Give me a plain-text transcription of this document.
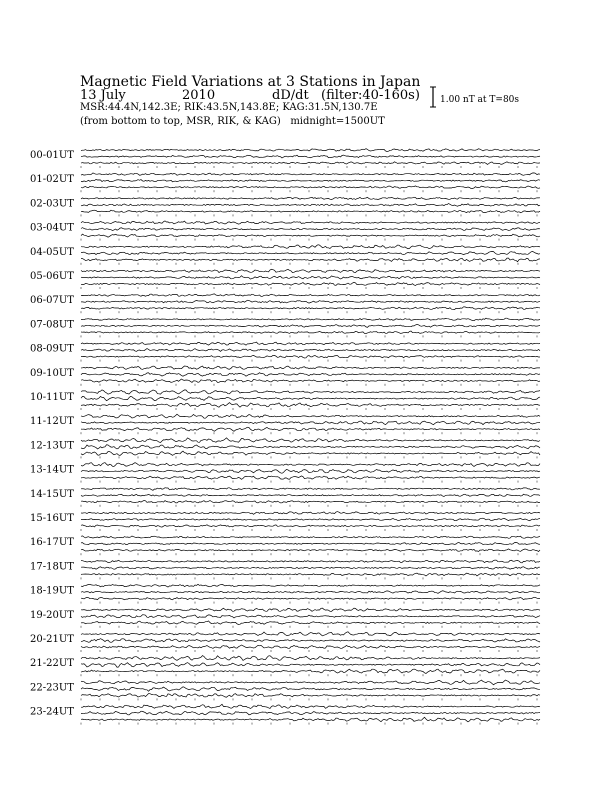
00-01UT
01-02UT
02-03UT
03-04UT
04-05UT
05-06UT
06-07UT
07-08UT
08-09UT
09-10UT
10-11UT
11-12UT
12-13UT
13-14UT
14-15UT
15-16UT
16-17UT
17-18UT
18-19UT
19-20UT
20-21UT
21-22UT
22-23UT
23-24UT
Magnetic Field Variations at 3 Stations in Japan
13 July	2010	dD/dt (filter:40-160s)
MSR:44.4N,142.3E; RIK:43.5N,143.8E; KAG:31.5N,130.7E
(from bottom to top, MSR, RIK, & KAG) midnight=1500UT
1.00 nT at T=80s
